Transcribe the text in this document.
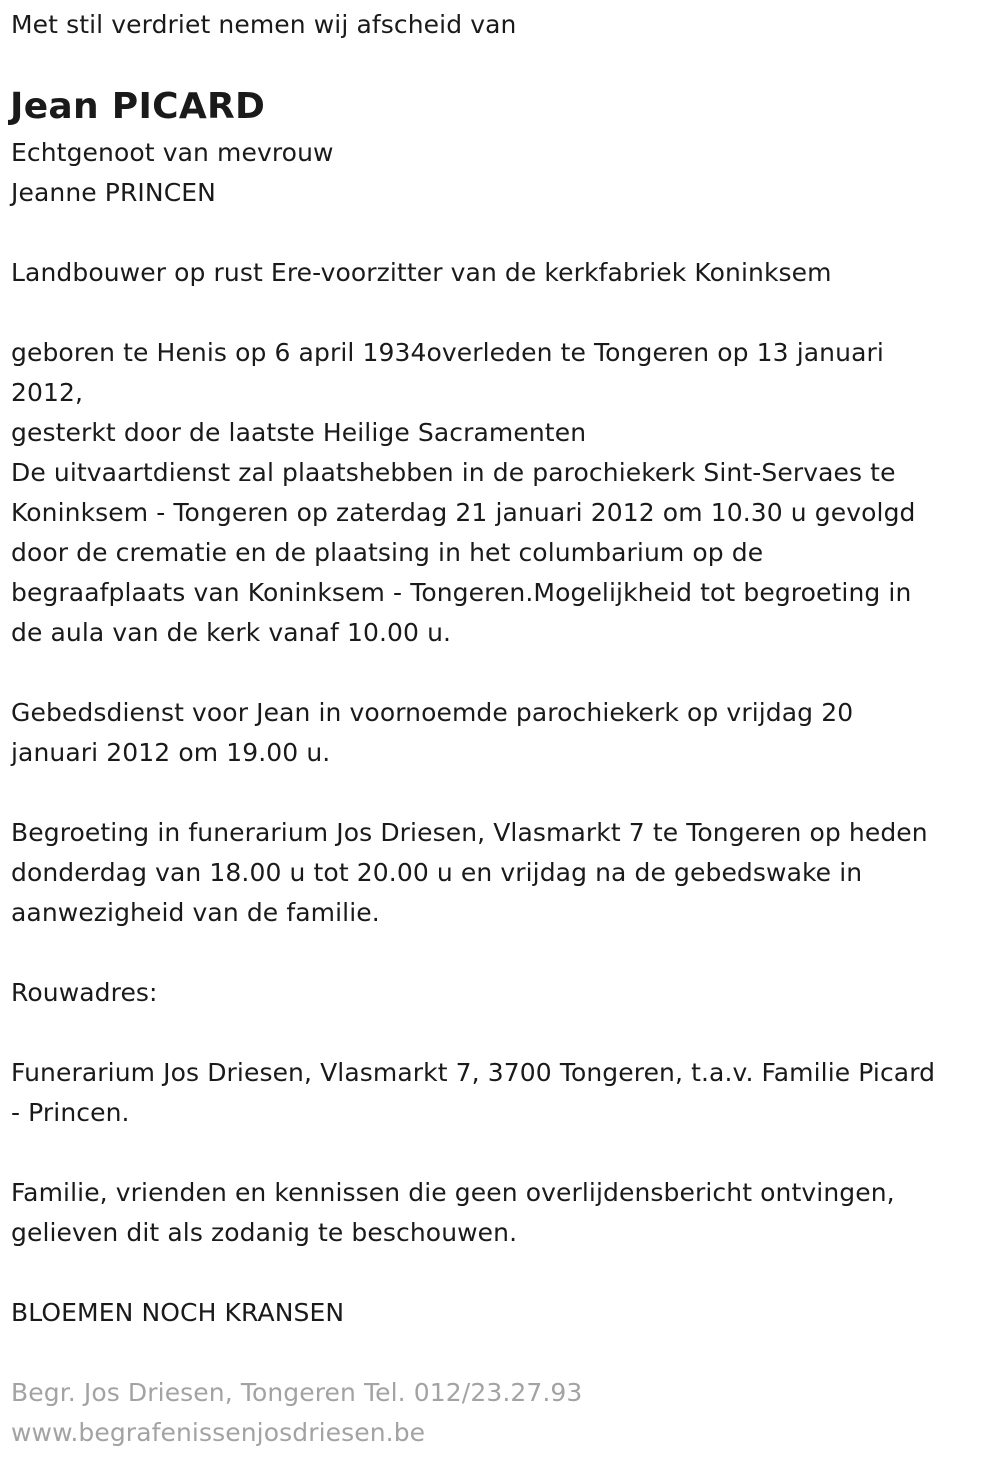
Met stil verdriet nemen wij afscheid van

Jean PICARD

Echtgenoot van mevrouw

Jeanne PRINCEN

Landbouwer op rust Ere-voorzitter van de kerkfabriek Koninksem

geboren te Henis op 6 april 1934overleden te Tongeren op 13 januari

2012,

gesterkt door de laatste Heilige Sacramenten

De uitvaartdienst zal plaatshebben in de parochiekerk Sint-Servaes te

Koninksem - Tongeren op zaterdag 21 januari 2012 om 10.30 u gevolgd

door de crematie en de plaatsing in het columbarium op de

begraafplaats van Koninksem - Tongeren.Mogelijkheid tot begroeting in

de aula van de kerk vanaf 10.00 u.

Gebedsdienst voor Jean in voornoemde parochiekerk op vrijdag 20

januari 2012 om 19.00 u.

Begroeting in funerarium Jos Driesen, Vlasmarkt 7 te Tongeren op heden

donderdag van 18.00 u tot 20.00 u en vrijdag na de gebedswake in

aanwezigheid van de familie.

Rouwadres:

Funerarium Jos Driesen, Vlasmarkt 7, 3700 Tongeren, t.a.v. Familie Picard

- Princen.

Familie, vrienden en kennissen die geen overlijdensbericht ontvingen,

gelieven dit als zodanig te beschouwen.

BLOEMEN NOCH KRANSEN

Begr. Jos Driesen, Tongeren Tel. 012/23.27.93

www.begrafenissenjosdriesen.be
